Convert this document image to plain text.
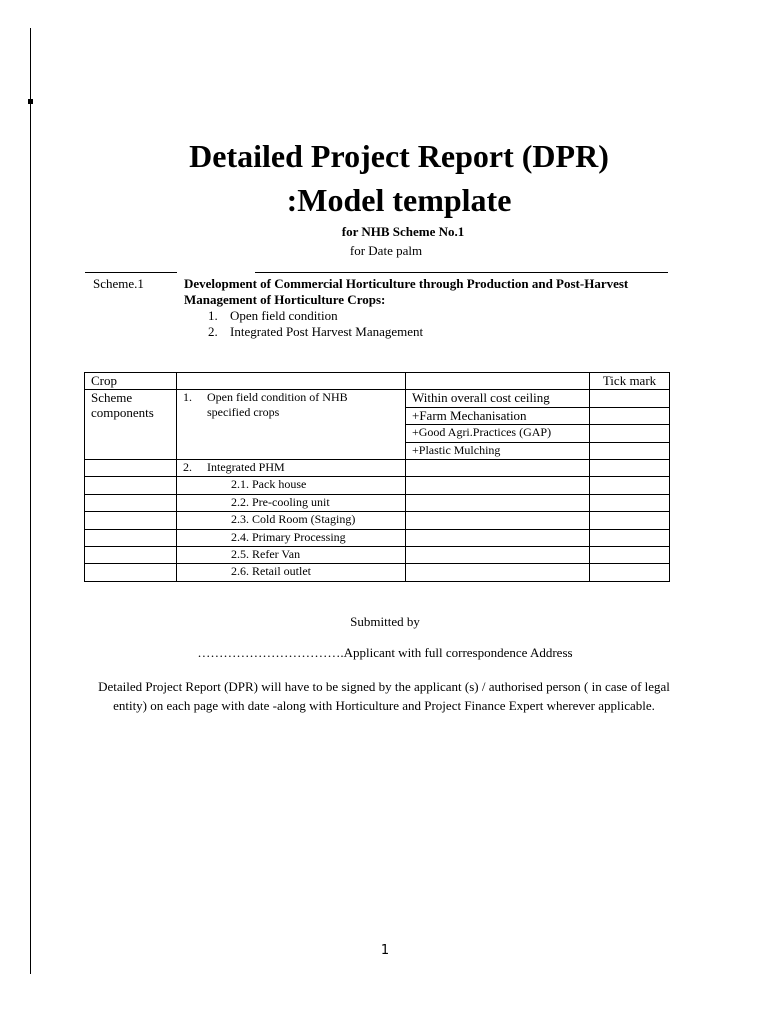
Detailed Project Report (DPR)
:Model template
for NHB Scheme No.1
for Date palm
Scheme.1	Development of Commercial Horticulture through Production and Post-Harvest Management of Horticulture Crops:
1. Open field condition
2. Integrated Post Harvest Management
Crop			Tick mark
Scheme components	1. Open field condition of NHB specified crops	Within overall cost ceiling	
		+Farm Mechanisation	
		+Good Agri.Practices (GAP)	
		+Plastic Mulching	
	2. Integrated PHM		
	2.1. Pack house		
	2.2. Pre-cooling unit		
	2.3. Cold Room (Staging)		
	2.4. Primary Processing		
	2.5. Refer Van		
	2.6. Retail outlet		
Submitted by
…………………………….Applicant with full correspondence Address
Detailed Project Report (DPR) will have to be signed by the applicant (s) / authorised person ( in case of legal entity) on each page with date -along with Horticulture and Project Finance Expert wherever applicable.
1
